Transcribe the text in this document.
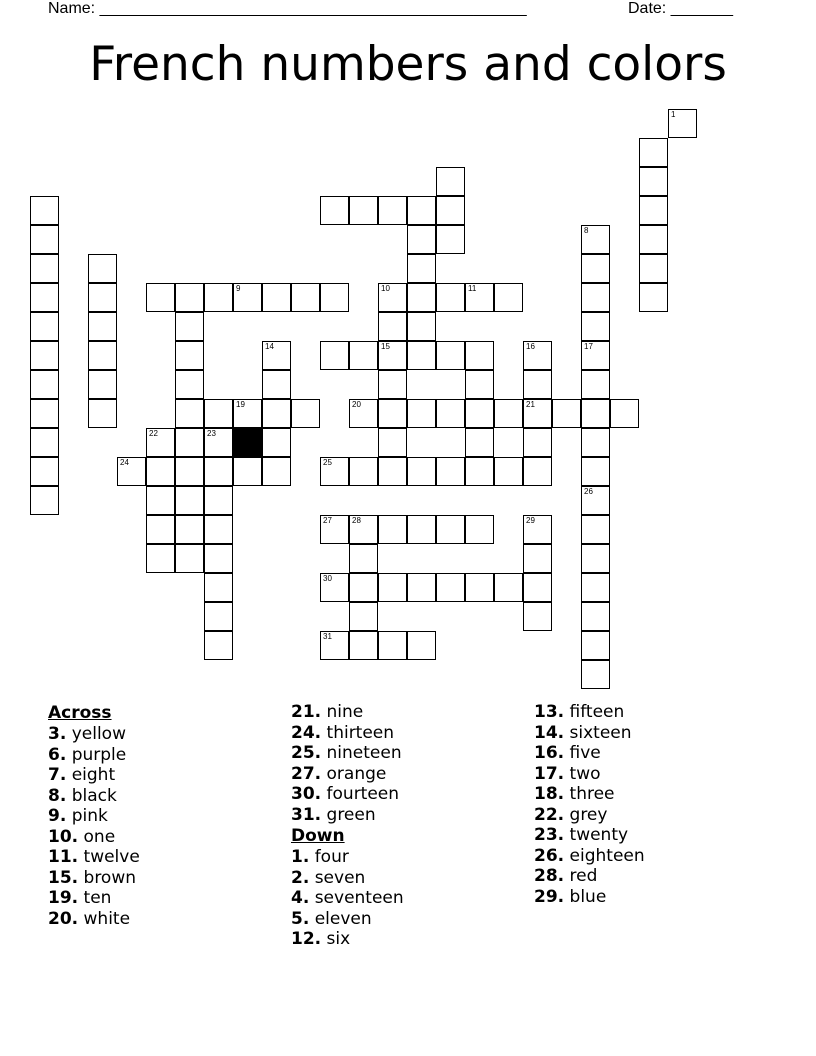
Name: ________________________________________________	Date: _______
French numbers and colors
1
8
17
9	10	11
15
14	16
21
26
19	20
22	23
24	25
27	28	29
30
31
Across
3. yellow
6. purple
7. eight
8. black
9. pink
10. one
11. twelve
15. brown
19. ten
20. white
21. nine
24. thirteen
25. nineteen
27. orange
30. fourteen
31. green
Down
1. four
2. seven
4. seventeen
5. eleven
12. six
13. fifteen
14. sixteen
16. five
17. two
18. three
22. grey
23. twenty
26. eighteen
28. red
29. blue
